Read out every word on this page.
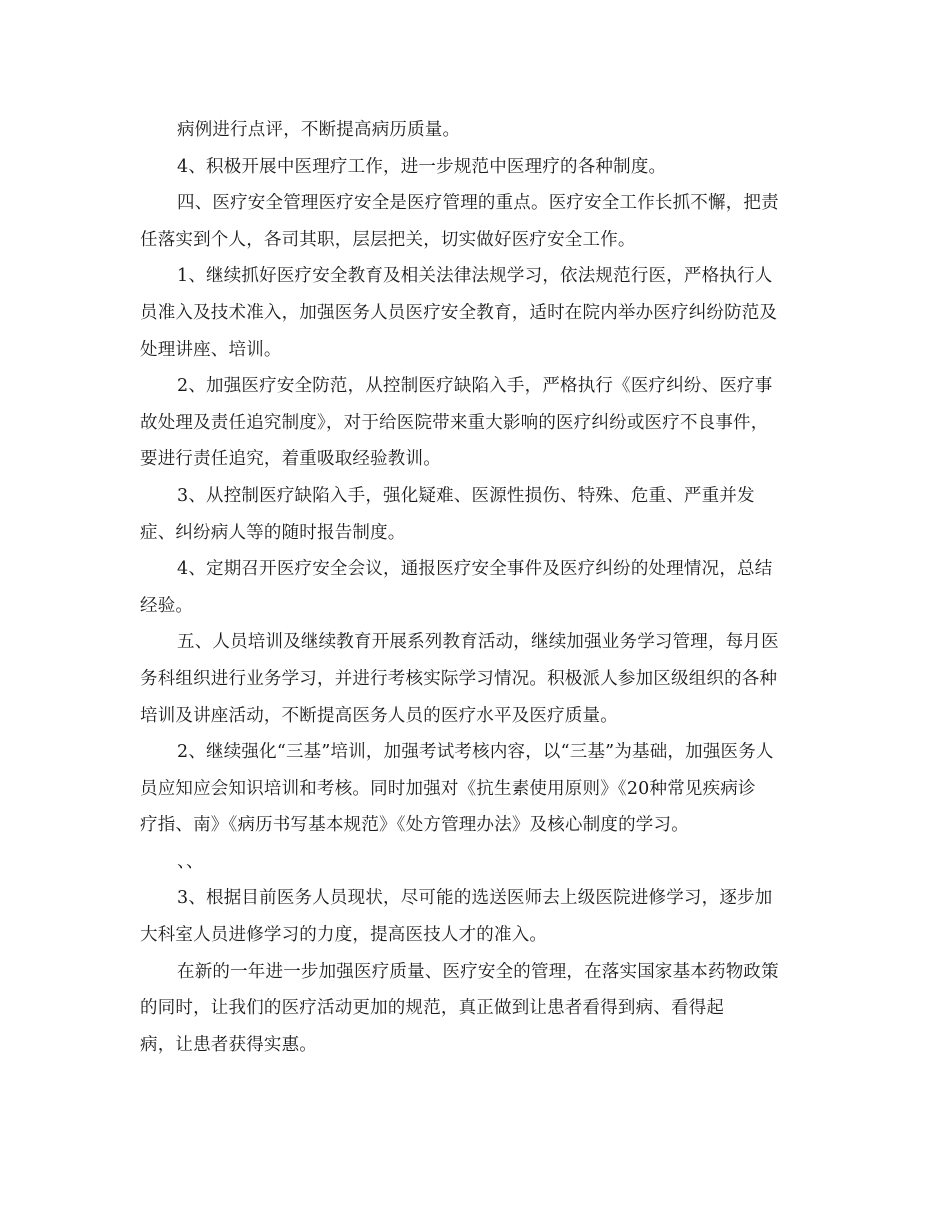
病例进行点评，不断提高病历质量。
4、积极开展中医理疗工作，进一步规范中医理疗的各种制度。
四、医疗安全管理医疗安全是医疗管理的重点。医疗安全工作长抓不懈，把责
任落实到个人，各司其职，层层把关，切实做好医疗安全工作。
1、继续抓好医疗安全教育及相关法律法规学习，依法规范行医，严格执行人
员准入及技术准入，加强医务人员医疗安全教育，适时在院内举办医疗纠纷防范及
处理讲座、培训。
2、加强医疗安全防范，从控制医疗缺陷入手，严格执行《医疗纠纷、医疗事
故处理及责任追究制度》，对于给医院带来重大影响的医疗纠纷或医疗不良事件，
要进行责任追究，着重吸取经验教训。
3、从控制医疗缺陷入手，强化疑难、医源性损伤、特殊、危重、严重并发
症、纠纷病人等的随时报告制度。
4、定期召开医疗安全会议，通报医疗安全事件及医疗纠纷的处理情况，总结
经验。
五、人员培训及继续教育开展系列教育活动，继续加强业务学习管理，每月医
务科组织进行业务学习，并进行考核实际学习情况。积极派人参加区级组织的各种
培训及讲座活动，不断提高医务人员的医疗水平及医疗质量。
2、继续强化“三基”培训，加强考试考核内容，以“三基”为基础，加强医务人
员应知应会知识培训和考核。同时加强对《抗生素使用原则》《20种常见疾病诊
疗指、南》《病历书写基本规范》《处方管理办法》及核心制度的学习。
、、
3、根据目前医务人员现状，尽可能的选送医师去上级医院进修学习，逐步加
大科室人员进修学习的力度，提高医技人才的准入。
在新的一年进一步加强医疗质量、医疗安全的管理，在落实国家基本药物政策
的同时，让我们的医疗活动更加的规范，真正做到让患者看得到病、看得起
病，让患者获得实惠。
